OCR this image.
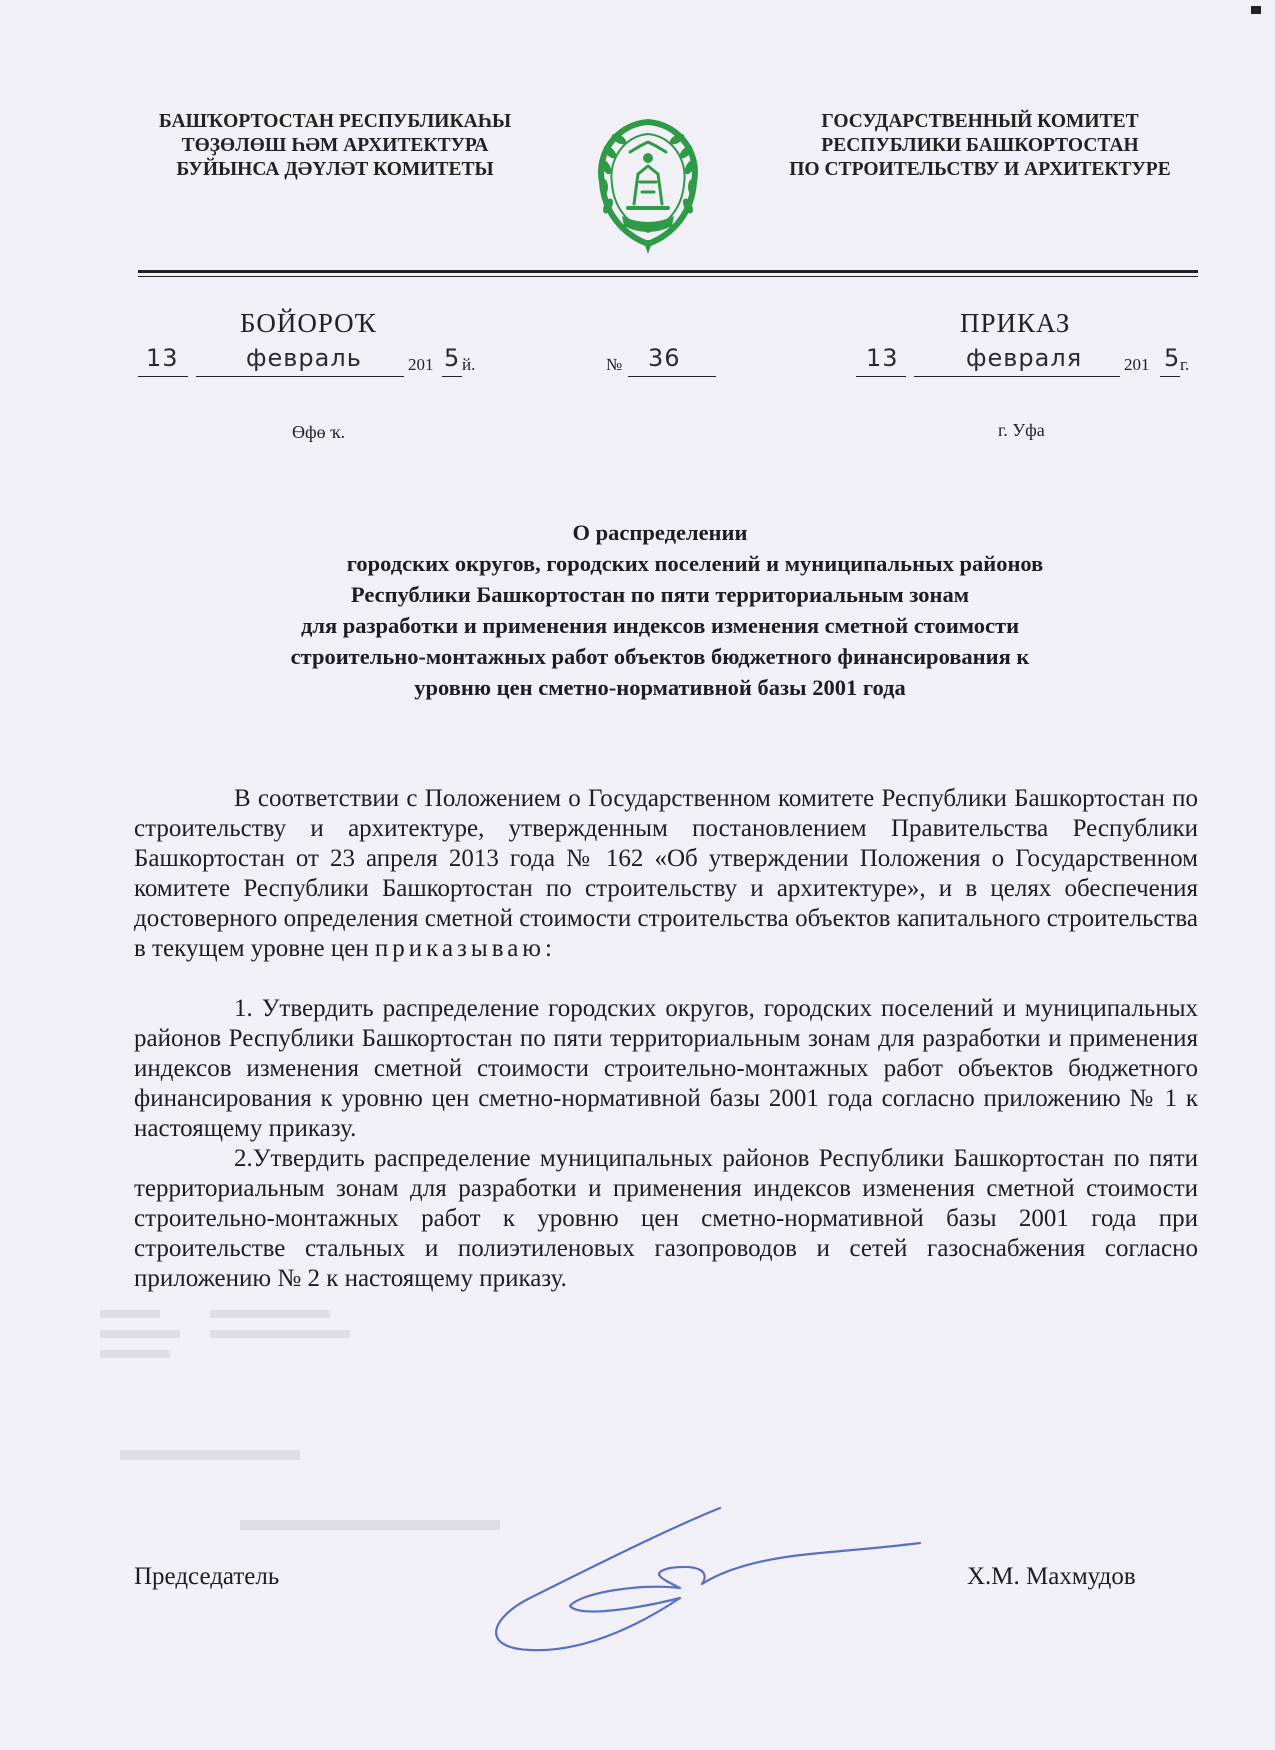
БАШҠОРТОСТАН РЕСПУБЛИКАҺЫ
ТӨҘӨЛӨШ ҺӘМ АРХИТЕКТУРА
БУЙЫНСА ДӘҮЛӘТ КОМИТЕТЫ
ГОСУДАРСТВЕННЫЙ КОМИТЕТ
РЕСПУБЛИКИ БАШКОРТОСТАН
ПО СТРОИТЕЛЬСТВУ И АРХИТЕКТУРЕ
БОЙОРОҠ	ПРИКАЗ
13	февраль	201 5 й.	№ 36	13	февраля 201 5 г.
Өфө ҡ.	г. Уфа
О распределении
городских округов, городских поселений и муниципальных районов
Республики Башкортостан по пяти территориальным зонам
для разработки и применения индексов изменения сметной стоимости
строительно-монтажных работ объектов бюджетного финансирования к
уровню цен сметно-нормативной базы 2001 года

В соответствии с Положением о Государственном комитете Республики Башкортостан по строительству и архитектуре, утвержденным постановлением Правительства Республики Башкортостан от 23 апреля 2013 года № 162 «Об утверждении Положения о Государственном комитете Республики Башкортостан по строительству и архитектуре», и в целях обеспечения достоверного определения сметной стоимости строительства объектов капитального строительства в текущем уровне цен приказываю:

1. Утвердить распределение городских округов, городских поселений и муниципальных районов Республики Башкортостан по пяти территориальным зонам для разработки и применения индексов изменения сметной стоимости строительно-монтажных работ объектов бюджетного финансирования к уровню цен сметно-нормативной базы 2001 года согласно приложению № 1 к настоящему приказу.

2.Утвердить распределение муниципальных районов Республики Башкортостан по пяти территориальным зонам для разработки и применения индексов изменения сметной стоимости строительно-монтажных работ к уровню цен сметно-нормативной базы 2001 года при строительстве стальных и полиэтиленовых газопроводов и сетей газоснабжения согласно приложению № 2 к настоящему приказу.

Председатель	Х.М. Махмудов
